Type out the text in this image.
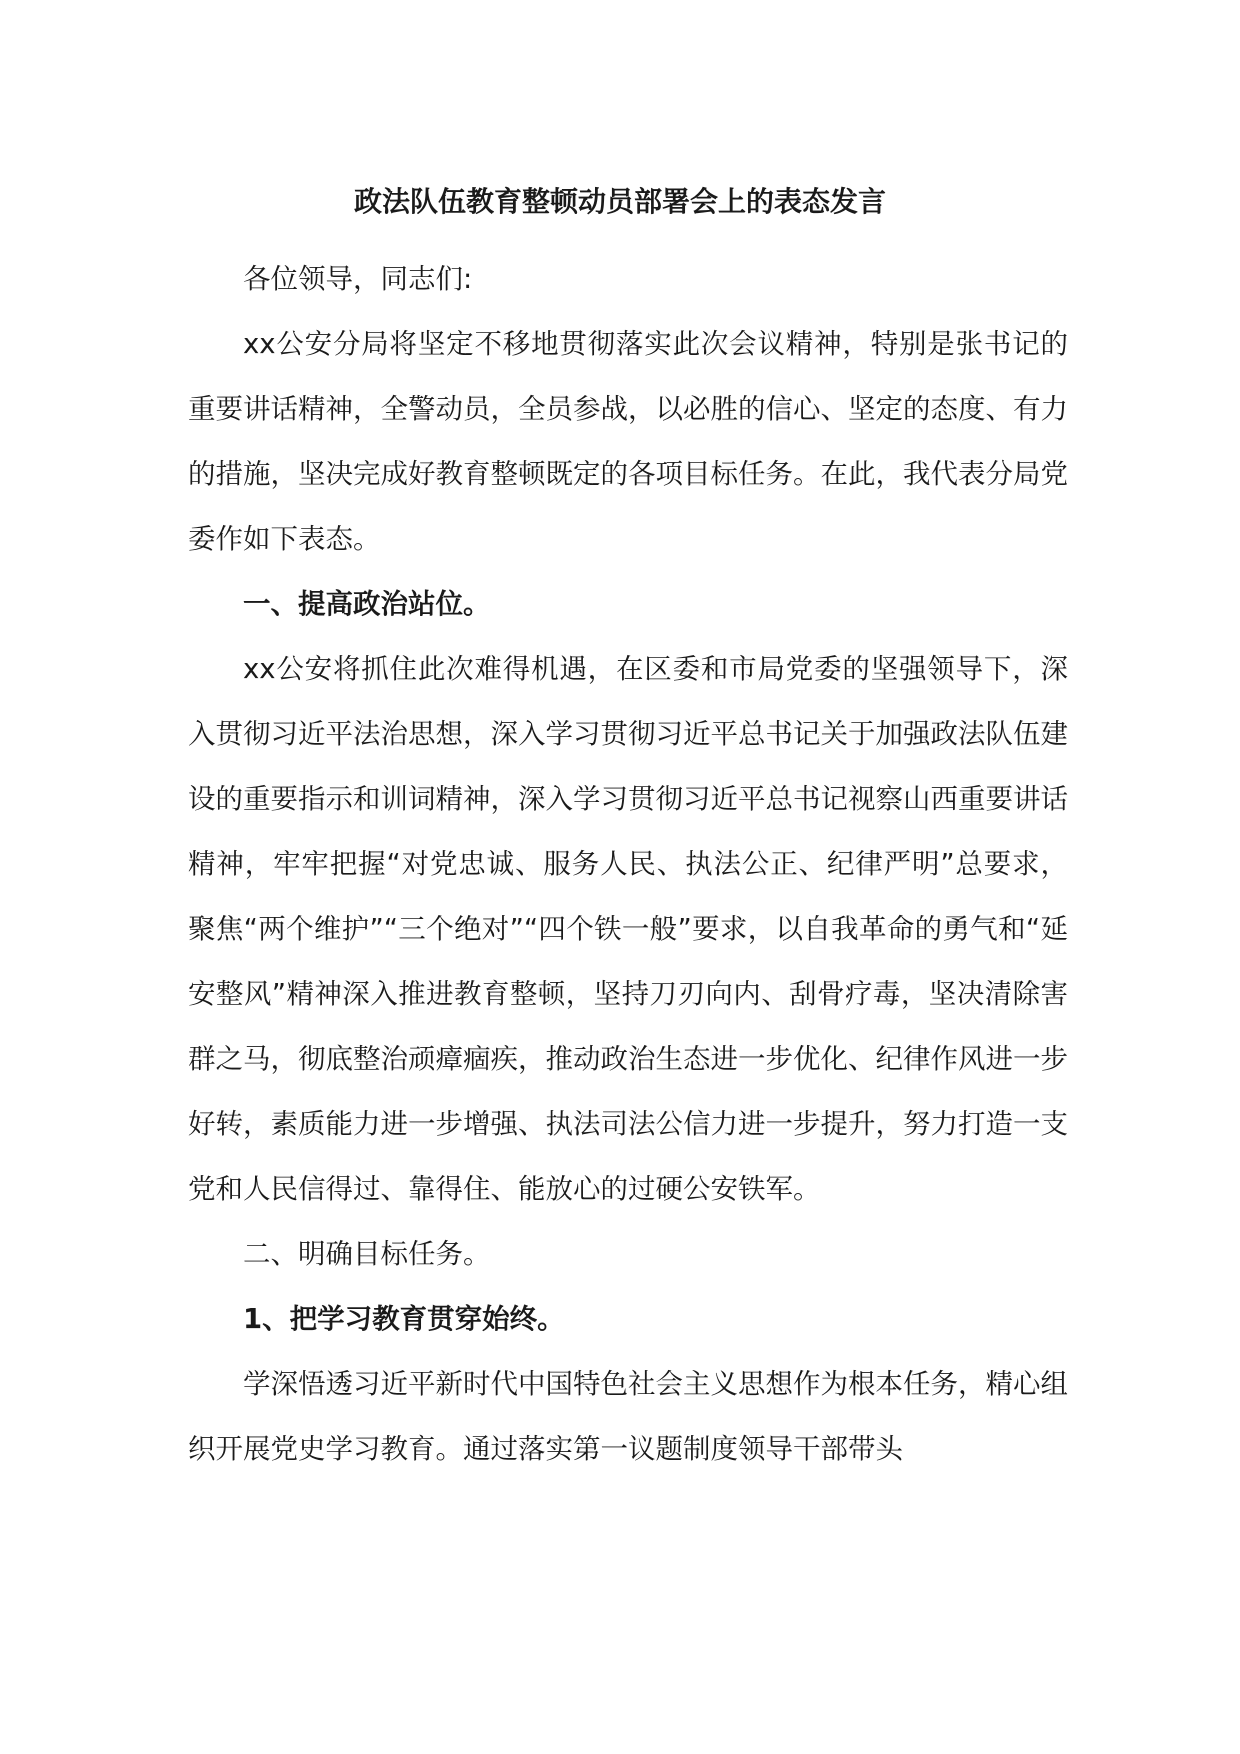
政法队伍教育整顿动员部署会上的表态发言

各位领导，同志们:

xx公安分局将坚定不移地贯彻落实此次会议精神，特别是张书记的重要讲话精神，全警动员，全员参战，以必胜的信心、坚定的态度、有力的措施，坚决完成好教育整顿既定的各项目标任务。在此，我代表分局党委作如下表态。

一、提高政治站位。

xx公安将抓住此次难得机遇，在区委和市局党委的坚强领导下，深入贯彻习近平法治思想，深入学习贯彻习近平总书记关于加强政法队伍建设的重要指示和训词精神，深入学习贯彻习近平总书记视察山西重要讲话精神，牢牢把握“对党忠诚、服务人民、执法公正、纪律严明”总要求，聚焦“两个维护”“三个绝对”“四个铁一般”要求，以自我革命的勇气和“延安整风”精神深入推进教育整顿，坚持刀刃向内、刮骨疗毒，坚决清除害群之马，彻底整治顽瘴痼疾，推动政治生态进一步优化、纪律作风进一步好转，素质能力进一步增强、执法司法公信力进一步提升，努力打造一支党和人民信得过、靠得住、能放心的过硬公安铁军。

二、明确目标任务。

1、把学习教育贯穿始终。

学深悟透习近平新时代中国特色社会主义思想作为根本任务，精心组织开展党史学习教育。通过落实第一议题制度领导干部带头
